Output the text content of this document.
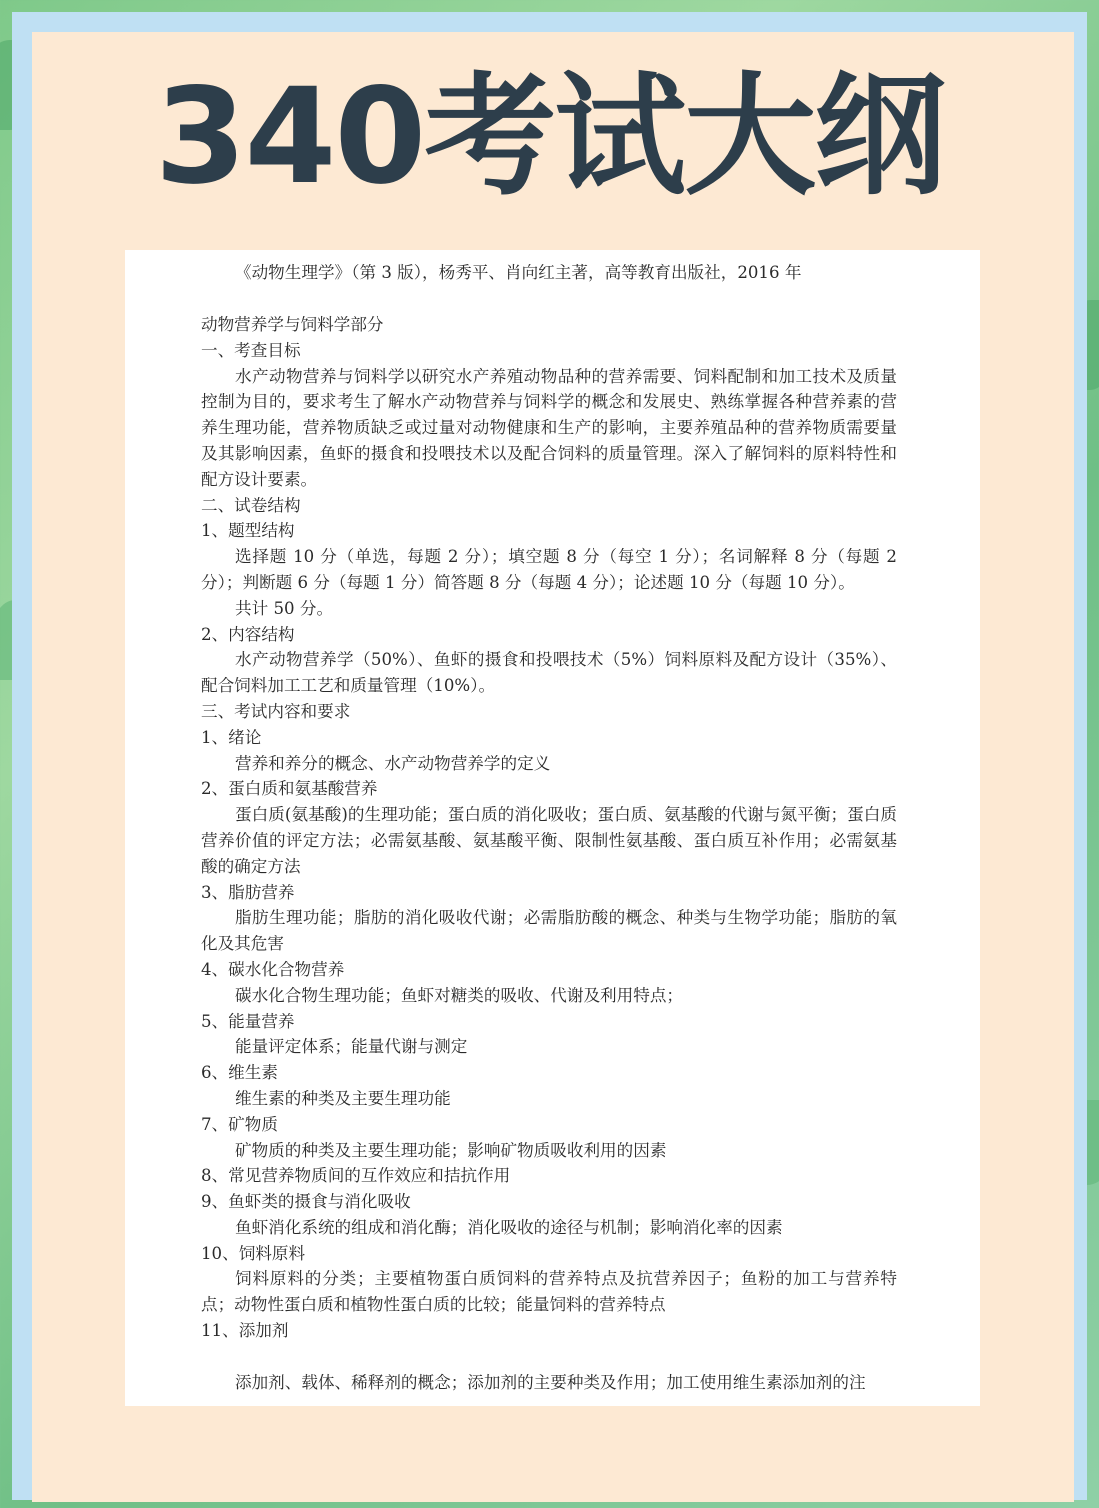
340考试大纲
《动物生理学》（第 3 版），杨秀平、肖向红主著，高等教育出版社，2016 年
动物营养学与饲料学部分
一、考查目标
水产动物营养与饲料学以研究水产养殖动物品种的营养需要、饲料配制和加工技术及质量控制为目的，要求考生了解水产动物营养与饲料学的概念和发展史、熟练掌握各种营养素的营养生理功能，营养物质缺乏或过量对动物健康和生产的影响，主要养殖品种的营养物质需要量及其影响因素，鱼虾的摄食和投喂技术以及配合饲料的质量管理。深入了解饲料的原料特性和配方设计要素。
二、试卷结构
1、题型结构
选择题 10 分（单选，每题 2 分）；填空题 8 分（每空 1 分）；名词解释 8 分（每题 2 分）；判断题 6 分（每题 1 分）简答题 8 分（每题 4 分）；论述题 10 分（每题 10 分）。
共计 50 分。
2、内容结构
水产动物营养学（50%）、鱼虾的摄食和投喂技术（5%）饲料原料及配方设计（35%）、配合饲料加工工艺和质量管理（10%）。
三、考试内容和要求
1、绪论
营养和养分的概念、水产动物营养学的定义
2、蛋白质和氨基酸营养
蛋白质(氨基酸)的生理功能；蛋白质的消化吸收；蛋白质、氨基酸的代谢与氮平衡；蛋白质营养价值的评定方法；必需氨基酸、氨基酸平衡、限制性氨基酸、蛋白质互补作用；必需氨基酸的确定方法
3、脂肪营养
脂肪生理功能；脂肪的消化吸收代谢；必需脂肪酸的概念、种类与生物学功能；脂肪的氧化及其危害
4、碳水化合物营养
碳水化合物生理功能；鱼虾对糖类的吸收、代谢及利用特点；
5、能量营养
能量评定体系；能量代谢与测定
6、维生素
维生素的种类及主要生理功能
7、矿物质
矿物质的种类及主要生理功能；影响矿物质吸收利用的因素
8、常见营养物质间的互作效应和拮抗作用
9、鱼虾类的摄食与消化吸收
鱼虾消化系统的组成和消化酶；消化吸收的途径与机制；影响消化率的因素
10、饲料原料
饲料原料的分类；主要植物蛋白质饲料的营养特点及抗营养因子；鱼粉的加工与营养特点；动物性蛋白质和植物性蛋白质的比较；能量饲料的营养特点
11、添加剂
添加剂、载体、稀释剂的概念；添加剂的主要种类及作用；加工使用维生素添加剂的注
